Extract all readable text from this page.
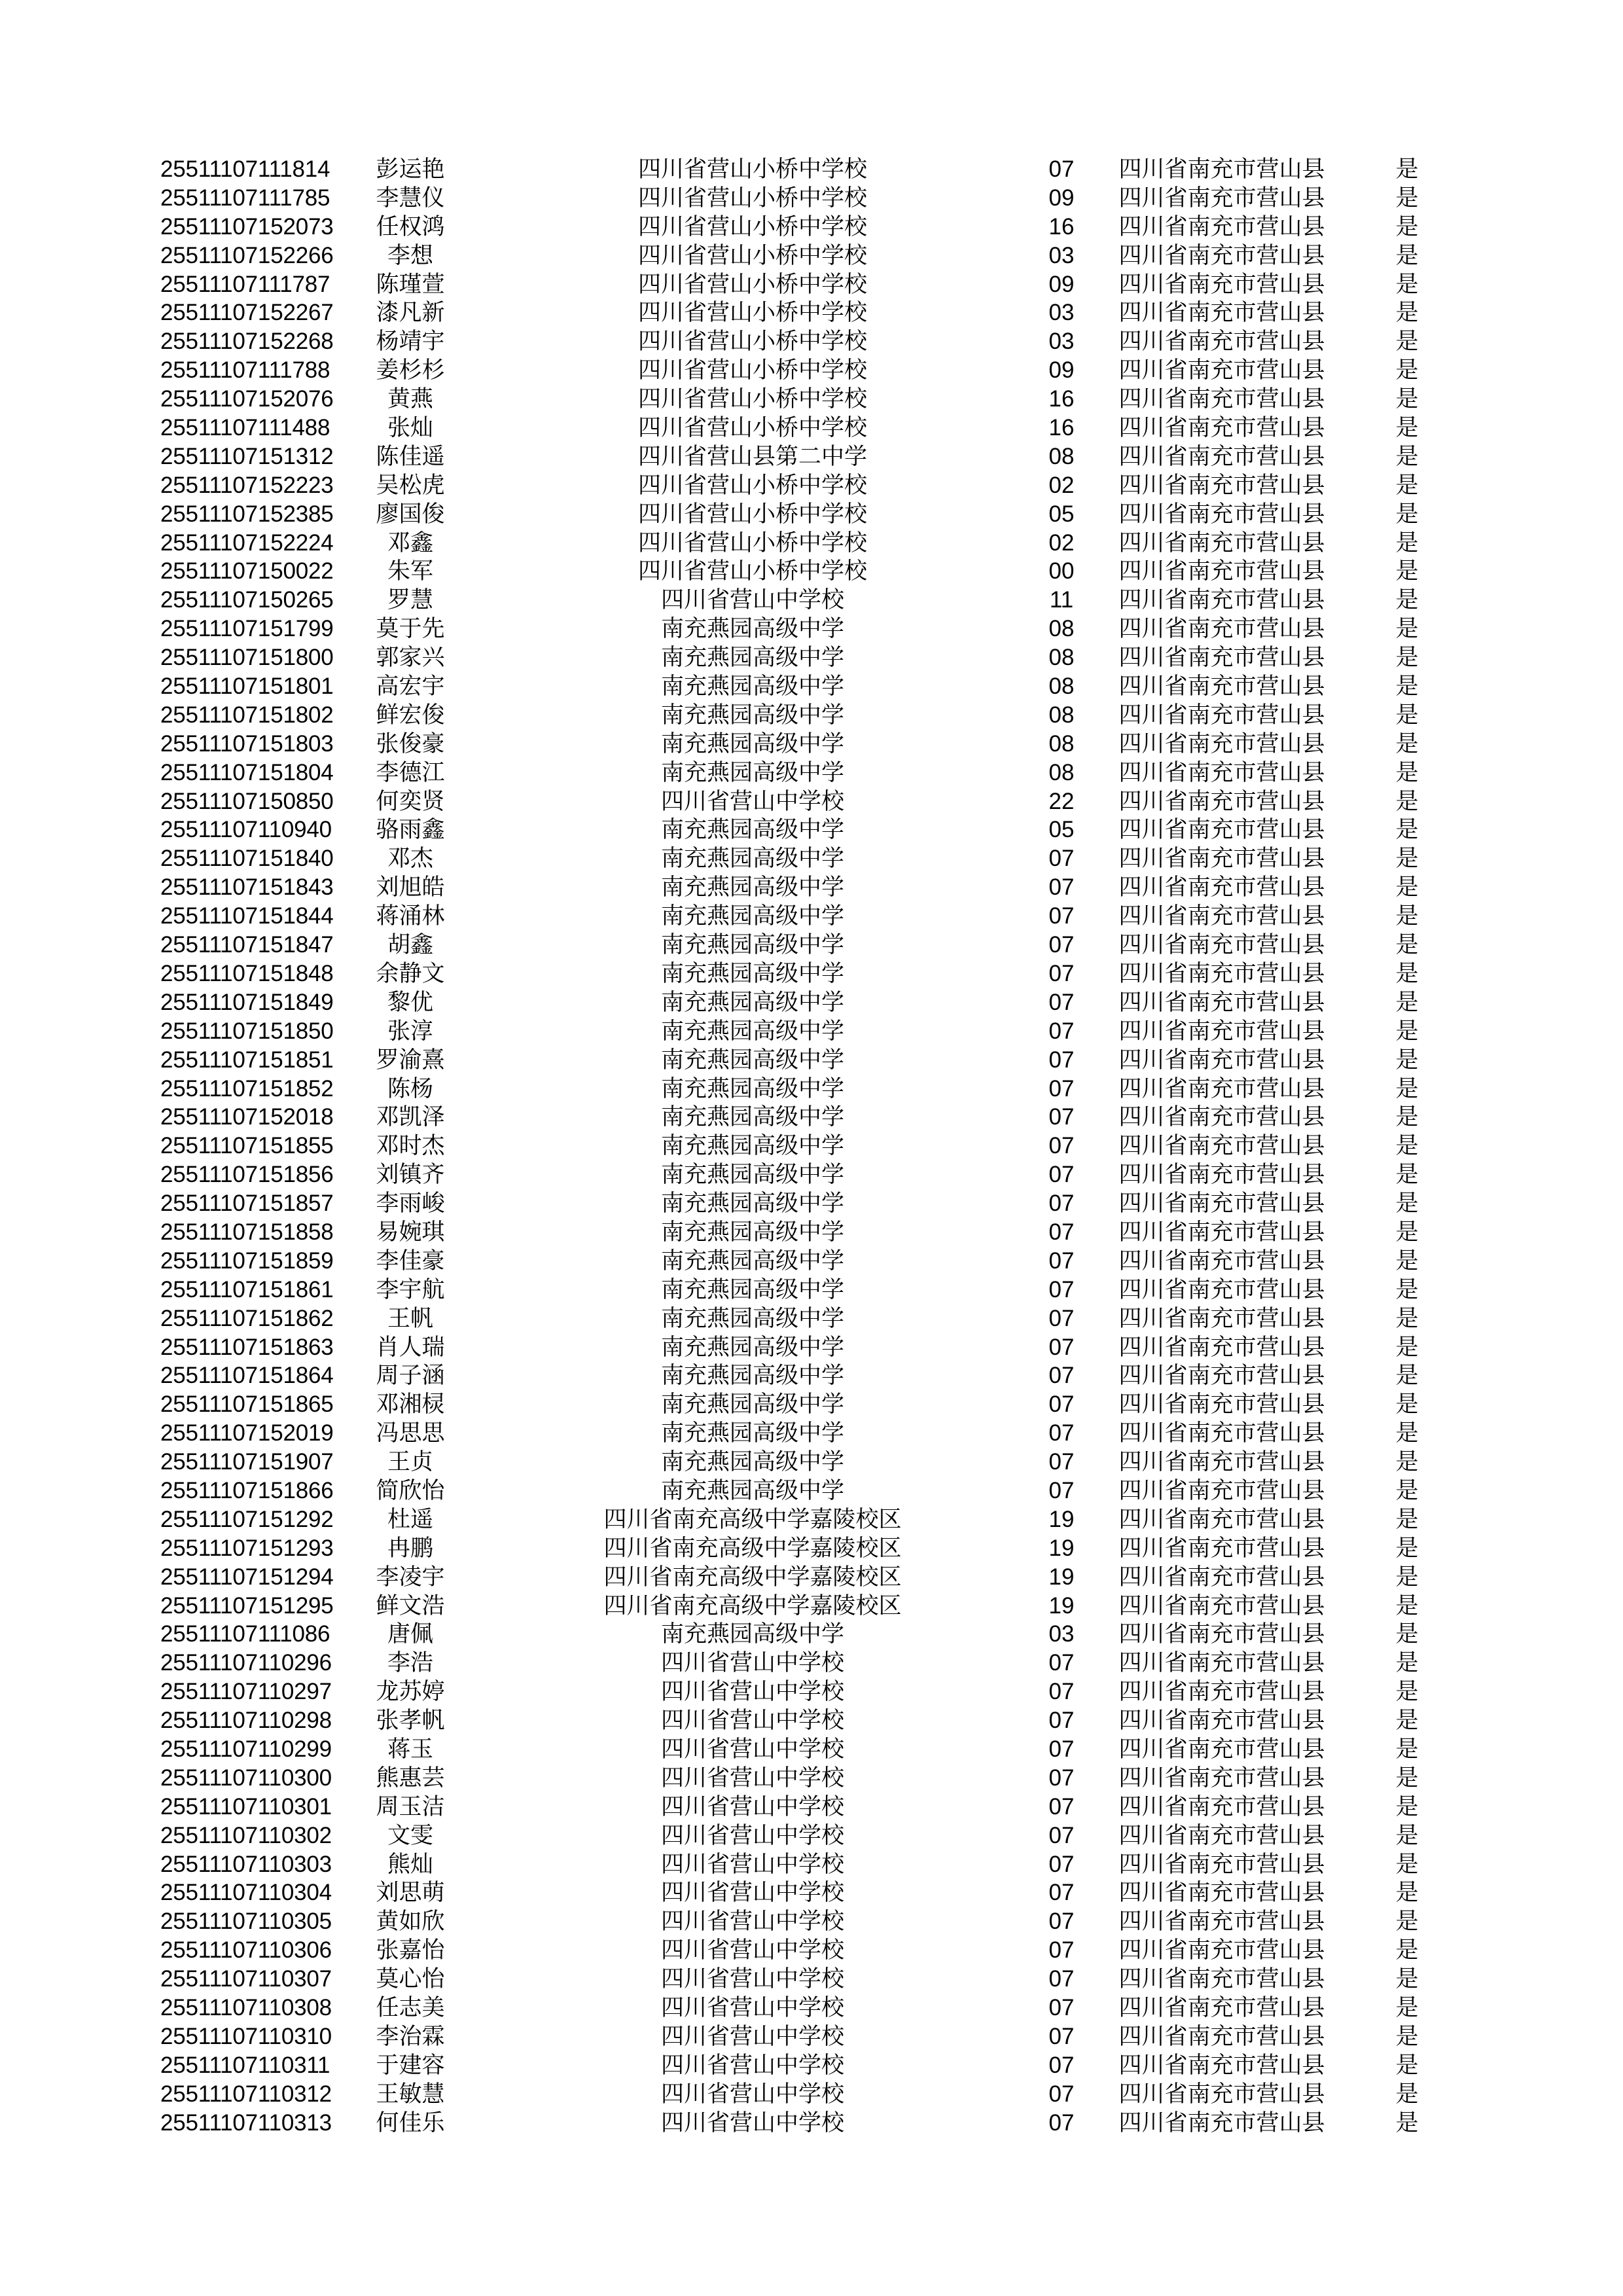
25511107111814	彭运艳	四川省营山小桥中学校	07	四川省南充市营山县	是
25511107111785	李慧仪	四川省营山小桥中学校	09	四川省南充市营山县	是
25511107152073	任权鸿	四川省营山小桥中学校	16	四川省南充市营山县	是
25511107152266	李想	四川省营山小桥中学校	03	四川省南充市营山县	是
25511107111787	陈瑾萱	四川省营山小桥中学校	09	四川省南充市营山县	是
25511107152267	漆凡新	四川省营山小桥中学校	03	四川省南充市营山县	是
25511107152268	杨靖宇	四川省营山小桥中学校	03	四川省南充市营山县	是
25511107111788	姜杉杉	四川省营山小桥中学校	09	四川省南充市营山县	是
25511107152076	黄燕	四川省营山小桥中学校	16	四川省南充市营山县	是
25511107111488	张灿	四川省营山小桥中学校	16	四川省南充市营山县	是
25511107151312	陈佳遥	四川省营山县第二中学	08	四川省南充市营山县	是
25511107152223	吴松虎	四川省营山小桥中学校	02	四川省南充市营山县	是
25511107152385	廖国俊	四川省营山小桥中学校	05	四川省南充市营山县	是
25511107152224	邓鑫	四川省营山小桥中学校	02	四川省南充市营山县	是
25511107150022	朱军	四川省营山小桥中学校	00	四川省南充市营山县	是
25511107150265	罗慧	四川省营山中学校	11	四川省南充市营山县	是
25511107151799	莫于先	南充燕园高级中学	08	四川省南充市营山县	是
25511107151800	郭家兴	南充燕园高级中学	08	四川省南充市营山县	是
25511107151801	高宏宇	南充燕园高级中学	08	四川省南充市营山县	是
25511107151802	鲜宏俊	南充燕园高级中学	08	四川省南充市营山县	是
25511107151803	张俊豪	南充燕园高级中学	08	四川省南充市营山县	是
25511107151804	李德江	南充燕园高级中学	08	四川省南充市营山县	是
25511107150850	何奕贤	四川省营山中学校	22	四川省南充市营山县	是
25511107110940	骆雨鑫	南充燕园高级中学	05	四川省南充市营山县	是
25511107151840	邓杰	南充燕园高级中学	07	四川省南充市营山县	是
25511107151843	刘旭皓	南充燕园高级中学	07	四川省南充市营山县	是
25511107151844	蒋涌林	南充燕园高级中学	07	四川省南充市营山县	是
25511107151847	胡鑫	南充燕园高级中学	07	四川省南充市营山县	是
25511107151848	余静文	南充燕园高级中学	07	四川省南充市营山县	是
25511107151849	黎优	南充燕园高级中学	07	四川省南充市营山县	是
25511107151850	张淳	南充燕园高级中学	07	四川省南充市营山县	是
25511107151851	罗渝熹	南充燕园高级中学	07	四川省南充市营山县	是
25511107151852	陈杨	南充燕园高级中学	07	四川省南充市营山县	是
25511107152018	邓凯泽	南充燕园高级中学	07	四川省南充市营山县	是
25511107151855	邓时杰	南充燕园高级中学	07	四川省南充市营山县	是
25511107151856	刘镇齐	南充燕园高级中学	07	四川省南充市营山县	是
25511107151857	李雨峻	南充燕园高级中学	07	四川省南充市营山县	是
25511107151858	易婉琪	南充燕园高级中学	07	四川省南充市营山县	是
25511107151859	李佳豪	南充燕园高级中学	07	四川省南充市营山县	是
25511107151861	李宇航	南充燕园高级中学	07	四川省南充市营山县	是
25511107151862	王帆	南充燕园高级中学	07	四川省南充市营山县	是
25511107151863	肖人瑞	南充燕园高级中学	07	四川省南充市营山县	是
25511107151864	周子涵	南充燕园高级中学	07	四川省南充市营山县	是
25511107151865	邓湘棂	南充燕园高级中学	07	四川省南充市营山县	是
25511107152019	冯思思	南充燕园高级中学	07	四川省南充市营山县	是
25511107151907	王贞	南充燕园高级中学	07	四川省南充市营山县	是
25511107151866	简欣怡	南充燕园高级中学	07	四川省南充市营山县	是
25511107151292	杜遥	四川省南充高级中学嘉陵校区	19	四川省南充市营山县	是
25511107151293	冉鹏	四川省南充高级中学嘉陵校区	19	四川省南充市营山县	是
25511107151294	李凌宇	四川省南充高级中学嘉陵校区	19	四川省南充市营山县	是
25511107151295	鲜文浩	四川省南充高级中学嘉陵校区	19	四川省南充市营山县	是
25511107111086	唐佩	南充燕园高级中学	03	四川省南充市营山县	是
25511107110296	李浩	四川省营山中学校	07	四川省南充市营山县	是
25511107110297	龙苏婷	四川省营山中学校	07	四川省南充市营山县	是
25511107110298	张孝帆	四川省营山中学校	07	四川省南充市营山县	是
25511107110299	蒋玉	四川省营山中学校	07	四川省南充市营山县	是
25511107110300	熊惠芸	四川省营山中学校	07	四川省南充市营山县	是
25511107110301	周玉洁	四川省营山中学校	07	四川省南充市营山县	是
25511107110302	文雯	四川省营山中学校	07	四川省南充市营山县	是
25511107110303	熊灿	四川省营山中学校	07	四川省南充市营山县	是
25511107110304	刘思萌	四川省营山中学校	07	四川省南充市营山县	是
25511107110305	黄如欣	四川省营山中学校	07	四川省南充市营山县	是
25511107110306	张嘉怡	四川省营山中学校	07	四川省南充市营山县	是
25511107110307	莫心怡	四川省营山中学校	07	四川省南充市营山县	是
25511107110308	任志美	四川省营山中学校	07	四川省南充市营山县	是
25511107110310	李治霖	四川省营山中学校	07	四川省南充市营山县	是
25511107110311	于建容	四川省营山中学校	07	四川省南充市营山县	是
25511107110312	王敏慧	四川省营山中学校	07	四川省南充市营山县	是
25511107110313	何佳乐	四川省营山中学校	07	四川省南充市营山县	是
